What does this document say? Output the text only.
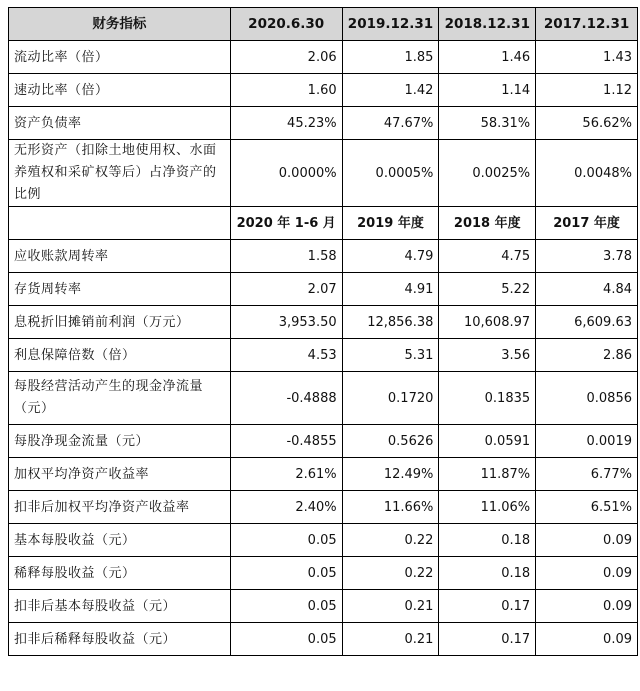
财务指标	2020.6.30	2019.12.31	2018.12.31	2017.12.31
流动比率（倍）	2.06	1.85	1.46	1.43
速动比率（倍）	1.60	1.42	1.14	1.12
资产负债率	45.23%	47.67%	58.31%	56.62%
无形资产（扣除土地使用权、水面养殖权和采矿权等后）占净资产的比例	0.0000%	0.0005%	0.0025%	0.0048%
	2020 年 1-6 月	2019 年度	2018 年度	2017 年度
应收账款周转率	1.58	4.79	4.75	3.78
存货周转率	2.07	4.91	5.22	4.84
息税折旧摊销前利润（万元）	3,953.50	12,856.38	10,608.97	6,609.63
利息保障倍数（倍）	4.53	5.31	3.56	2.86
每股经营活动产生的现金净流量（元）	-0.4888	0.1720	0.1835	0.0856
每股净现金流量（元）	-0.4855	0.5626	0.0591	0.0019
加权平均净资产收益率	2.61%	12.49%	11.87%	6.77%
扣非后加权平均净资产收益率	2.40%	11.66%	11.06%	6.51%
基本每股收益（元）	0.05	0.22	0.18	0.09
稀释每股收益（元）	0.05	0.22	0.18	0.09
扣非后基本每股收益（元）	0.05	0.21	0.17	0.09
扣非后稀释每股收益（元）	0.05	0.21	0.17	0.09
